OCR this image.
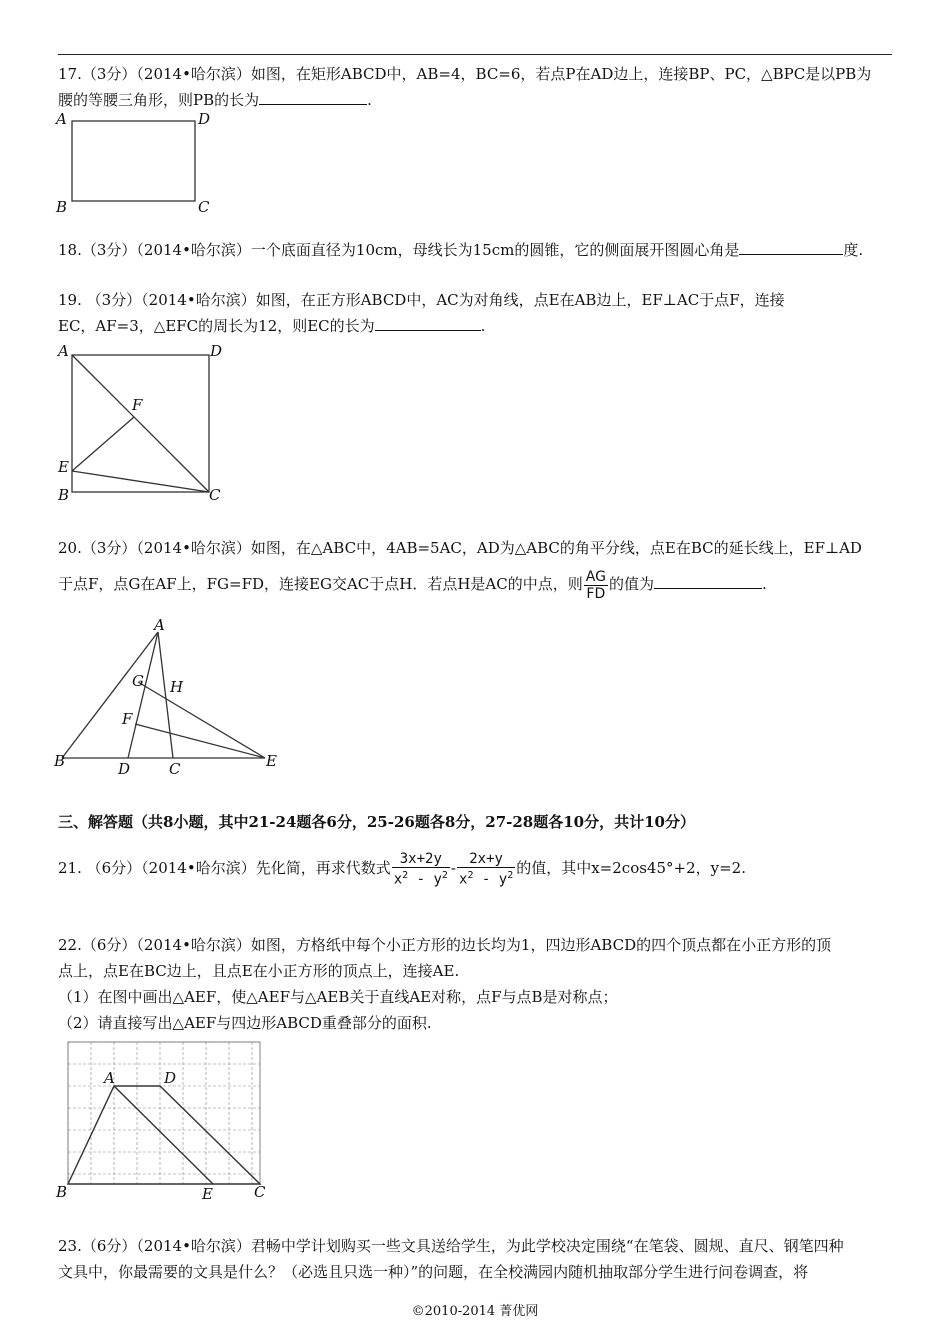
17.（3分）（2014•哈尔滨）如图，在矩形ABCD中，AB=4，BC=6，若点P在AD边上，连接BP、PC，△BPC是以PB为
腰的等腰三角形，则PB的长为	.
A	D
B	C
18.（3分）（2014•哈尔滨）一个底面直径为10cm，母线长为15cm的圆锥，它的侧面展开图圆心角是	度.
19. （3分）（2014•哈尔滨）如图，在正方形ABCD中，AC为对角线，点E在AB边上，EF⊥AC于点F，连接
EC，AF=3，△EFC的周长为12，则EC的长为	.
A	D
F
E
B	C
20.（3分）（2014•哈尔滨）如图，在△ABC中，4AB=5AC，AD为△ABC的角平分线，点E在BC的延长线上，EF⊥AD
于点F，点G在AF上，FG=FD，连接EG交AC于点H．若点H是AC的中点，则 $\frac{AG}{FD}$ 的值为	.
A
G H
F
B	D	C	E
三、解答题（共8小题，其中21-24题各6分，25-26题各8分，27-28题各10分，共计10分）
21. （6分）（2014•哈尔滨）先化简，再求代数式 $\frac{3x+2y}{x^2 - y^2} - \frac{2x+y}{x^2 - y^2}$ 的值，其中x=2cos45°+2，y=2.
22.（6分）（2014•哈尔滨）如图，方格纸中每个小正方形的边长均为1，四边形ABCD的四个顶点都在小正方形的顶
点上，点E在BC边上，且点E在小正方形的顶点上，连接AE.
（1）在图中画出△AEF，使△AEF与△AEB关于直线AE对称，点F与点B是对称点；
（2）请直接写出△AEF与四边形ABCD重叠部分的面积.
A	D
B	E	C
23.（6分）（2014•哈尔滨）君畅中学计划购买一些文具送给学生，为此学校决定围绕“在笔袋、圆规、直尺、钢笔四种
文具中，你最需要的文具是什么？（必选且只选一种）”的问题，在全校满园内随机抽取部分学生进行问卷调查，将
©2010-2014 菁优网
